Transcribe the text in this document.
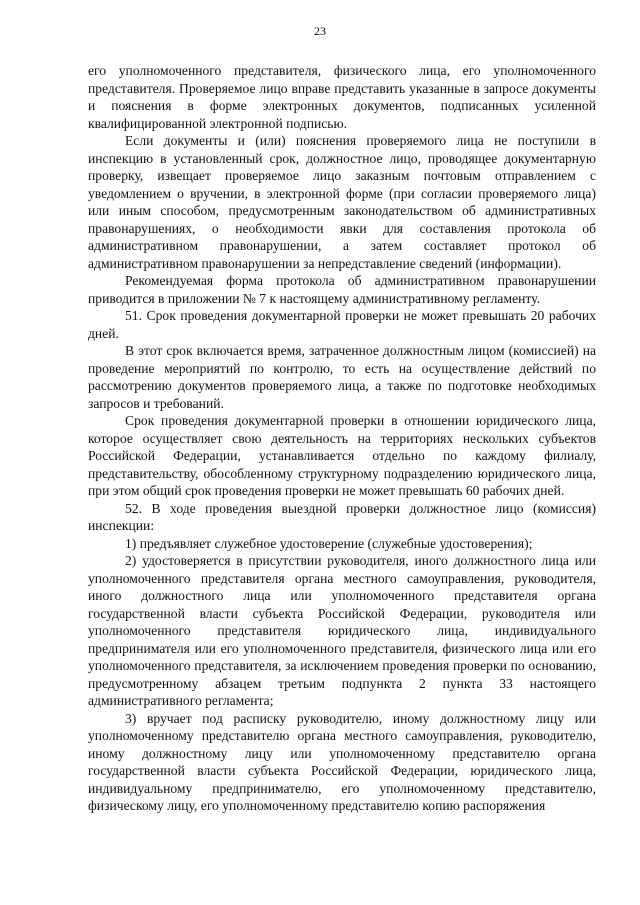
23

его уполномоченного представителя, физического лица, его уполномоченного представителя. Проверяемое лицо вправе представить указанные в запросе документы и пояснения в форме электронных документов, подписанных усиленной квалифицированной электронной подписью.

Если документы и (или) пояснения проверяемого лица не поступили в инспекцию в установленный срок, должностное лицо, проводящее документарную проверку, извещает проверяемое лицо заказным почтовым отправлением с уведомлением о вручении, в электронной форме (при согласии проверяемого лица) или иным способом, предусмотренным законодательством об административных правонарушениях, о необходимости явки для составления протокола об административном правонарушении, а затем составляет протокол об административном правонарушении за непредставление сведений (информации).

Рекомендуемая форма протокола об административном правонарушении приводится в приложении № 7 к настоящему административному регламенту.

51. Срок проведения документарной проверки не может превышать 20 рабочих дней.

В этот срок включается время, затраченное должностным лицом (комиссией) на проведение мероприятий по контролю, то есть на осуществление действий по рассмотрению документов проверяемого лица, а также по подготовке необходимых запросов и требований.

Срок проведения документарной проверки в отношении юридического лица, которое осуществляет свою деятельность на территориях нескольких субъектов Российской Федерации, устанавливается отдельно по каждому филиалу, представительству, обособленному структурному подразделению юридического лица, при этом общий срок проведения проверки не может превышать 60 рабочих дней.

52. В ходе проведения выездной проверки должностное лицо (комиссия) инспекции:

1) предъявляет служебное удостоверение (служебные удостоверения);

2) удостоверяется в присутствии руководителя, иного должностного лица или уполномоченного представителя органа местного самоуправления, руководителя, иного должностного лица или уполномоченного представителя органа государственной власти субъекта Российской Федерации, руководителя или уполномоченного представителя юридического лица, индивидуального предпринимателя или его уполномоченного представителя, физического лица или его уполномоченного представителя, за исключением проведения проверки по основанию, предусмотренному абзацем третьим подпункта 2 пункта 33 настоящего административного регламента;

3) вручает под расписку руководителю, иному должностному лицу или уполномоченному представителю органа местного самоуправления, руководителю, иному должностному лицу или уполномоченному представителю органа государственной власти субъекта Российской Федерации, юридического лица, индивидуальному предпринимателю, его уполномоченному представителю, физическому лицу, его уполномоченному представителю копию распоряжения
